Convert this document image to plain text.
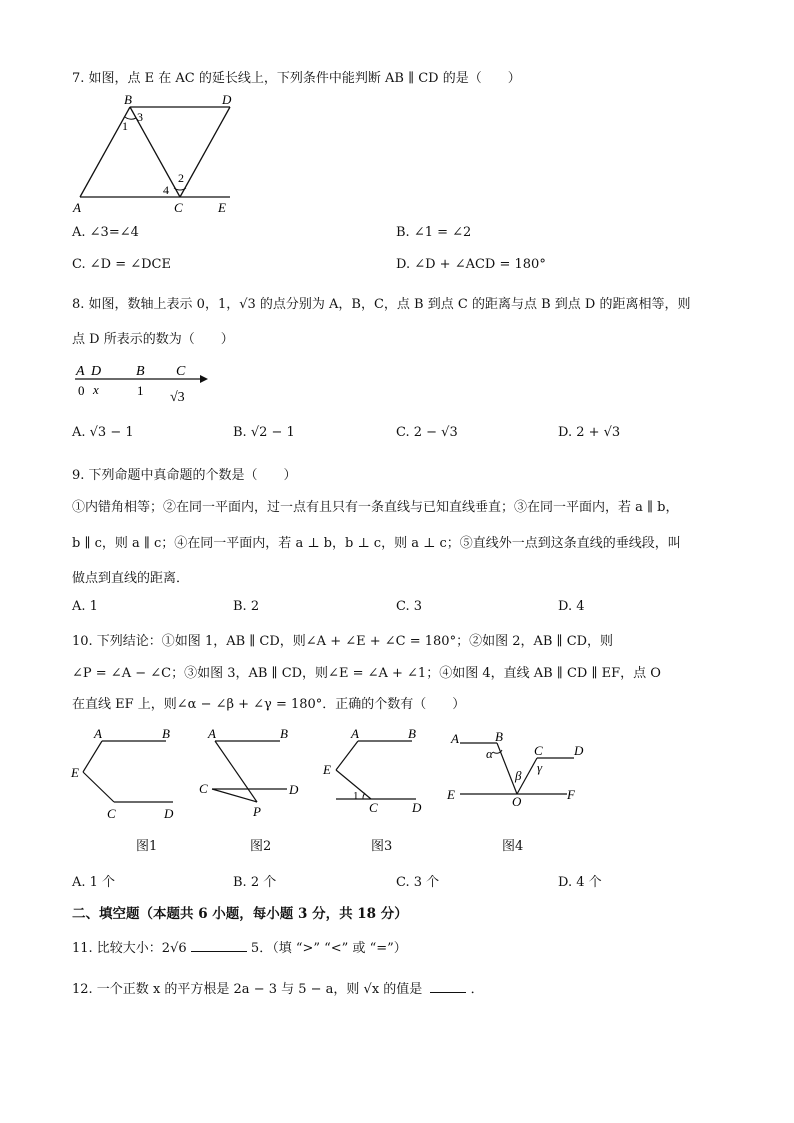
7. 如图，点 E 在 AC 的延长线上，下列条件中能判断 AB ∥ CD 的是（　　）
B	D
A	C	E
1
3
2
4
A. ∠3=∠4	B. ∠1 = ∠2
C. ∠D = ∠DCE	D. ∠D + ∠ACD = 180°
8. 如图，数轴上表示 0，1，√3 的点分别为 A，B，C，点 B 到点 C 的距离与点 B 到点 D 的距离相等，则
点 D 所表示的数为（　　）
A D B C
0 x	1 √3
A. √3 − 1	B. √2 − 1	C. 2 − √3	D. 2 + √3
9. 下列命题中真命题的个数是（　　）
①内错角相等；②在同一平面内，过一点有且只有一条直线与已知直线垂直；③在同一平面内，若 a ∥ b，
b ∥ c，则 a ∥ c；④在同一平面内，若 a ⊥ b，b ⊥ c，则 a ⊥ c；⑤直线外一点到这条直线的垂线段，叫
做点到直线的距离．
A. 1	B. 2	C. 3	D. 4
10. 下列结论：①如图 1，AB ∥ CD，则∠A + ∠E + ∠C = 180°；②如图 2，AB ∥ CD，则
∠P = ∠A − ∠C；③如图 3，AB ∥ CD，则∠E = ∠A + ∠1；④如图 4，直线 AB ∥ CD ∥ EF，点 O
在直线 EF 上，则∠α − ∠β + ∠γ = 180°．正确的个数有（　　）
A	B
E
C	D
图1
A	B
C	D
P
图2
A	B
E
1
C	D
图3
A	B
C D
α
β
γ
E	O	F
图4
A. 1 个	B. 2 个	C. 3 个	D. 4 个
二、填空题（本题共 6 小题，每小题 3 分，共 18 分）
11. 比较大小：2√6	5．（填 “>” “<” 或 “=”）
12. 一个正数 x 的平方根是 2a − 3 与 5 − a，则 √x 的值是	．
